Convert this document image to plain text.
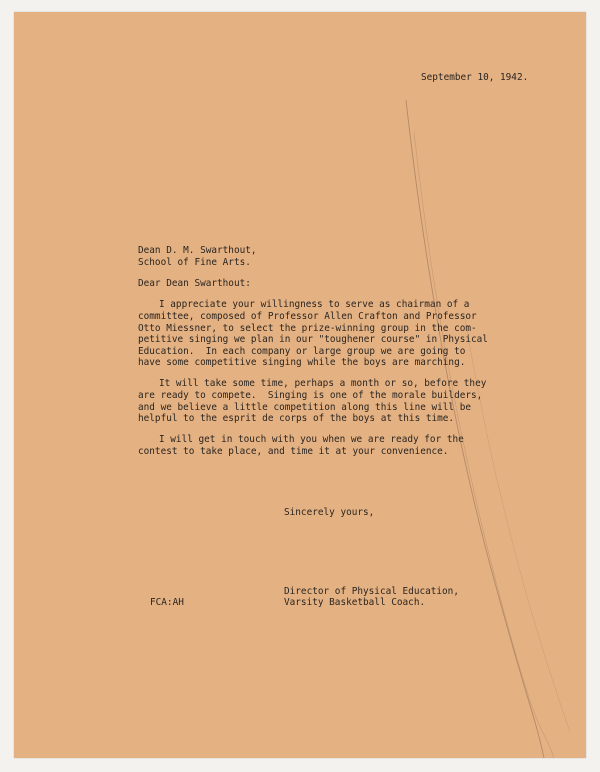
September 10, 1942.
Dean D. M. Swarthout,
School of Fine Arts.
Dear Dean Swarthout:
I appreciate your willingness to serve as chairman of a
committee, composed of Professor Allen Crafton and Professor
Otto Miessner, to select the prize-winning group in the com-
petitive singing we plan in our "toughener course" in Physical
Education.  In each company or large group we are going to
have some competitive singing while the boys are marching.
It will take some time, perhaps a month or so, before they
are ready to compete.  Singing is one of the morale builders,
and we believe a little competition along this line will be
helpful to the esprit de corps of the boys at this time.
I will get in touch with you when we are ready for the
contest to take place, and time it at your convenience.
Sincerely yours,
Director of Physical Education,
Varsity Basketball Coach.
FCA:AH
